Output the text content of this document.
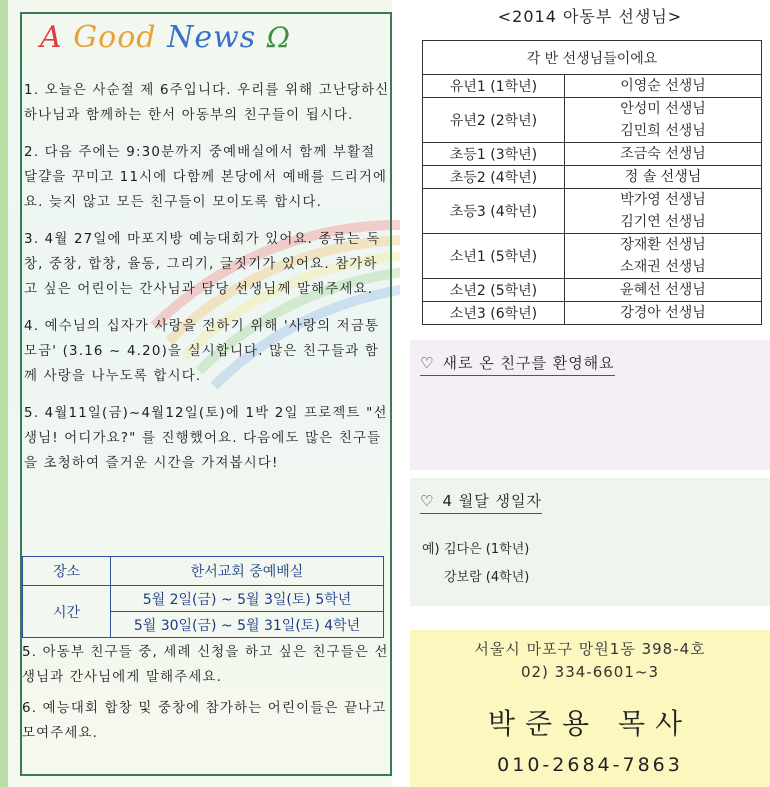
A Good News Ω
1. 오늘은 사순절 제 6주입니다. 우리를 위해 고난당하신 하나님과 함께하는 한서 아동부의 친구들이 됩시다.
2. 다음 주에는 9:30분까지 중예배실에서 함께 부활절 달걀을 꾸미고 11시에 다함께 본당에서 예배를 드리거에요. 늦지 않고 모든 친구들이 모이도록 합시다.
3. 4월 27일에 마포지방 예능대회가 있어요. 종류는 독창, 중창, 합창, 율동, 그리기, 글짓기가 있어요. 참가하고 싶은 어린이는 간사님과 담당 선생님께 말해주세요.
4. 예수님의 십자가 사랑을 전하기 위해 '사랑의 저금통 모금' (3.16 ~ 4.20)을 실시합니다. 많은 친구들과 함께 사랑을 나누도록 합시다.
5. 4월11일(금)~4월12일(토)에 1박 2일 프로젝트 "선생님! 어디가요?" 를 진행했어요. 다음에도 많은 친구들을 초청하여 즐거운 시간을 가져봅시다!
장소	한서교회 중예배실
시간	5월 2일(금) ~ 5월 3일(토) 5학년
	5월 30일(금) ~ 5월 31일(토) 4학년
5. 아동부 친구들 중, 세례 신청을 하고 싶은 친구들은 선생님과 간사님에게 말해주세요.
6. 예능대회 합창 및 중창에 참가하는 어린이들은 끝나고 모여주세요.
<2014 아동부 선생님>
각 반 선생님들이에요	
유년1 (1학년)	이영순 선생님

유년2 (2학년)	안성미 선생님
김민희 선생님

초등1 (3학년)	조금숙 선생님

초등2 (4학년)	정 솔 선생님

초등3 (4학년)	박가영 선생님
김기연 선생님

소년1 (5학년)	장재환 선생님
소재권 선생님

소년2 (5학년)	윤혜선 선생님

소년3 (6학년)	강경아 선생님
♡ 새로 온 친구를 환영해요
♡ 4 월달 생일자
예) 김다은 (1학년)
강보람 (4학년)
서울시 마포구 망원1동 398-4호
02) 334-6601~3
박준용 목사
010-2684-7863
